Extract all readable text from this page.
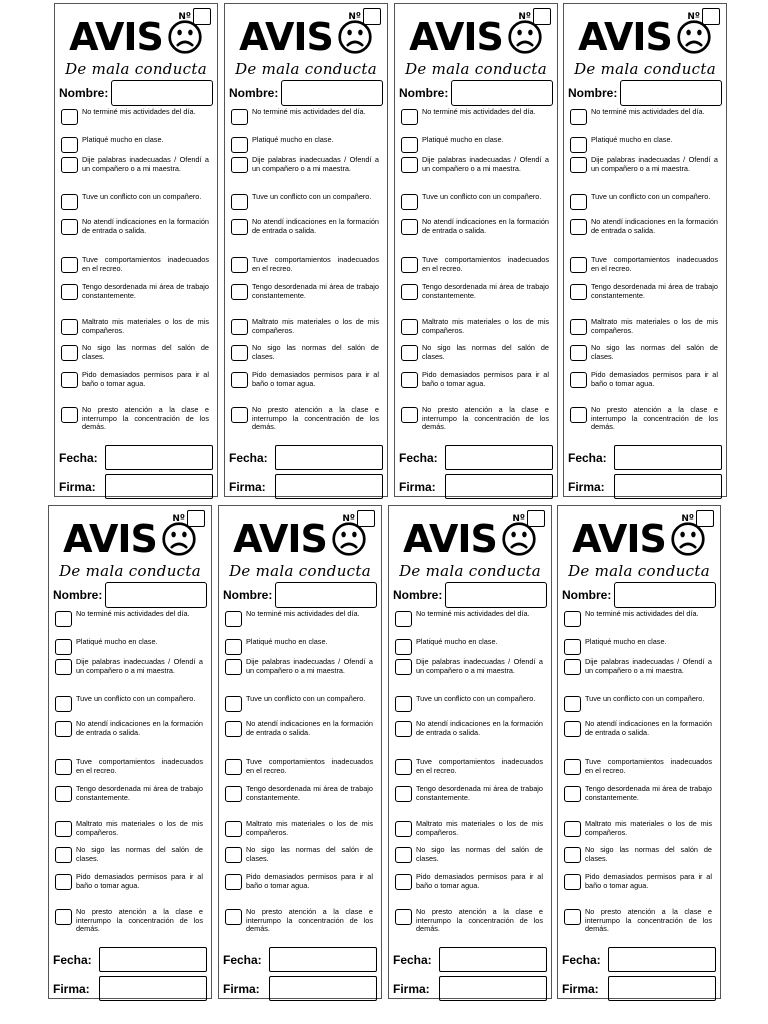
Nº
AVIS
De mala conducta
Nombre:
No terminé mis actividades del día.
Platiqué mucho en clase.
Dije palabras inadecuadas / Ofendí a un compañero o a mi maestra.
Tuve un conflicto con un compañero.
No atendí indicaciones en la formación de entrada o salida.
Tuve comportamientos inadecuados en el recreo.
Tengo desordenada mi área de trabajo constantemente.
Maltrato mis materiales o los de mis compañeros.
No sigo las normas del salón de clases.
Pido demasiados permisos para ir al baño o tomar agua.
No presto atención a la clase e interrumpo la concentración de los demás.
Fecha:
Firma:
Nº
AVIS
De mala conducta
Nombre:
No terminé mis actividades del día.
Platiqué mucho en clase.
Dije palabras inadecuadas / Ofendí a un compañero o a mi maestra.
Tuve un conflicto con un compañero.
No atendí indicaciones en la formación de entrada o salida.
Tuve comportamientos inadecuados en el recreo.
Tengo desordenada mi área de trabajo constantemente.
Maltrato mis materiales o los de mis compañeros.
No sigo las normas del salón de clases.
Pido demasiados permisos para ir al baño o tomar agua.
No presto atención a la clase e interrumpo la concentración de los demás.
Fecha:
Firma:
Nº
AVIS
De mala conducta
Nombre:
No terminé mis actividades del día.
Platiqué mucho en clase.
Dije palabras inadecuadas / Ofendí a un compañero o a mi maestra.
Tuve un conflicto con un compañero.
No atendí indicaciones en la formación de entrada o salida.
Tuve comportamientos inadecuados en el recreo.
Tengo desordenada mi área de trabajo constantemente.
Maltrato mis materiales o los de mis compañeros.
No sigo las normas del salón de clases.
Pido demasiados permisos para ir al baño o tomar agua.
No presto atención a la clase e interrumpo la concentración de los demás.
Fecha:
Firma:
Nº
AVIS
De mala conducta
Nombre:
No terminé mis actividades del día.
Platiqué mucho en clase.
Dije palabras inadecuadas / Ofendí a un compañero o a mi maestra.
Tuve un conflicto con un compañero.
No atendí indicaciones en la formación de entrada o salida.
Tuve comportamientos inadecuados en el recreo.
Tengo desordenada mi área de trabajo constantemente.
Maltrato mis materiales o los de mis compañeros.
No sigo las normas del salón de clases.
Pido demasiados permisos para ir al baño o tomar agua.
No presto atención a la clase e interrumpo la concentración de los demás.
Fecha:
Firma:
Nº
AVIS
De mala conducta
Nombre:
No terminé mis actividades del día.
Platiqué mucho en clase.
Dije palabras inadecuadas / Ofendí a un compañero o a mi maestra.
Tuve un conflicto con un compañero.
No atendí indicaciones en la formación de entrada o salida.
Tuve comportamientos inadecuados en el recreo.
Tengo desordenada mi área de trabajo constantemente.
Maltrato mis materiales o los de mis compañeros.
No sigo las normas del salón de clases.
Pido demasiados permisos para ir al baño o tomar agua.
No presto atención a la clase e interrumpo la concentración de los demás.
Fecha:
Firma:
Nº
AVIS
De mala conducta
Nombre:
No terminé mis actividades del día.
Platiqué mucho en clase.
Dije palabras inadecuadas / Ofendí a un compañero o a mi maestra.
Tuve un conflicto con un compañero.
No atendí indicaciones en la formación de entrada o salida.
Tuve comportamientos inadecuados en el recreo.
Tengo desordenada mi área de trabajo constantemente.
Maltrato mis materiales o los de mis compañeros.
No sigo las normas del salón de clases.
Pido demasiados permisos para ir al baño o tomar agua.
No presto atención a la clase e interrumpo la concentración de los demás.
Fecha:
Firma:
Nº
AVIS
De mala conducta
Nombre:
No terminé mis actividades del día.
Platiqué mucho en clase.
Dije palabras inadecuadas / Ofendí a un compañero o a mi maestra.
Tuve un conflicto con un compañero.
No atendí indicaciones en la formación de entrada o salida.
Tuve comportamientos inadecuados en el recreo.
Tengo desordenada mi área de trabajo constantemente.
Maltrato mis materiales o los de mis compañeros.
No sigo las normas del salón de clases.
Pido demasiados permisos para ir al baño o tomar agua.
No presto atención a la clase e interrumpo la concentración de los demás.
Fecha:
Firma:
Nº
AVIS
De mala conducta
Nombre:
No terminé mis actividades del día.
Platiqué mucho en clase.
Dije palabras inadecuadas / Ofendí a un compañero o a mi maestra.
Tuve un conflicto con un compañero.
No atendí indicaciones en la formación de entrada o salida.
Tuve comportamientos inadecuados en el recreo.
Tengo desordenada mi área de trabajo constantemente.
Maltrato mis materiales o los de mis compañeros.
No sigo las normas del salón de clases.
Pido demasiados permisos para ir al baño o tomar agua.
No presto atención a la clase e interrumpo la concentración de los demás.
Fecha:
Firma:
